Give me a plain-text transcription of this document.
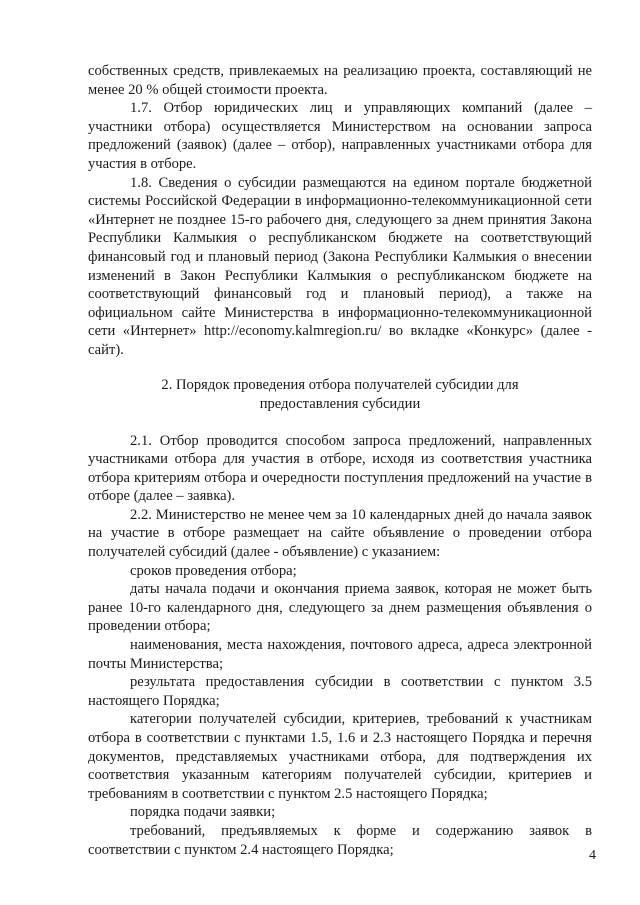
собственных средств, привлекаемых на реализацию проекта, составляющий не менее 20 % общей стоимости проекта.

1.7. Отбор юридических лиц и управляющих компаний (далее – участники отбора) осуществляется Министерством на основании запроса предложений (заявок) (далее – отбор), направленных участниками отбора для участия в отборе.

1.8. Сведения о субсидии размещаются на едином портале бюджетной системы Российской Федерации в информационно-телекоммуникационной сети «Интернет не позднее 15-го рабочего дня, следующего за днем принятия Закона Республики Калмыкия о республиканском бюджете на соответствующий финансовый год и плановый период (Закона Республики Калмыкия о внесении изменений в Закон Республики Калмыкия о республиканском бюджете на соответствующий финансовый год и плановый период), а также на официальном сайте Министерства в информационно-телекоммуникационной сети «Интернет» http://economy.kalmregion.ru/ во вкладке «Конкурс» (далее - сайт).

2. Порядок проведения отбора получателей субсидии для предоставления субсидии

2.1. Отбор проводится способом запроса предложений, направленных участниками отбора для участия в отборе, исходя из соответствия участника отбора критериям отбора и очередности поступления предложений на участие в отборе (далее – заявка).

2.2. Министерство не менее чем за 10 календарных дней до начала заявок на участие в отборе размещает на сайте объявление о проведении отбора получателей субсидий (далее - объявление) с указанием:

сроков проведения отбора;

даты начала подачи и окончания приема заявок, которая не может быть ранее 10-го календарного дня, следующего за днем размещения объявления о проведении отбора;

наименования, места нахождения, почтового адреса, адреса электронной почты Министерства;

результата предоставления субсидии в соответствии с пунктом 3.5 настоящего Порядка;

категории получателей субсидии, критериев, требований к участникам отбора в соответствии с пунктами 1.5, 1.6 и 2.3 настоящего Порядка и перечня документов, представляемых участниками отбора, для подтверждения их соответствия указанным категориям получателей субсидии, критериев и требованиям в соответствии с пунктом 2.5 настоящего Порядка;

порядка подачи заявки;

требований, предъявляемых к форме и содержанию заявок в соответствии с пунктом 2.4 настоящего Порядка;	4
